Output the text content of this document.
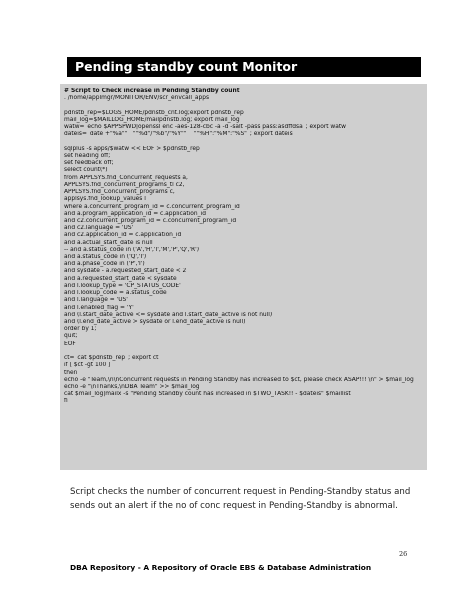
Pending standby count Monitor
# Script to Check increase in Pending Standby count
. /home/applmgr/MONITOR/ENV/scr_envcall_apps
pdnstb_rep=$LOGS_HOME/pdnstb_cnt.log;export pdnstb_rep
mail_log=$MAILLOG_HOME/mailpdnstb.log; export mail_log
watw=`echo $APPSPWD|openssl enc -aes-128-cbc -a -d -salt -pass pass:asdffdsa`; export watw
dateis=`date +"%a""   ""%d"/"%b"/"%Y""    ""%H":"%M":"%S"`; export dateis
sqlplus -s apps/$watw << EOF > $pdnstb_rep
set heading off;
set feedback off;
select count(*)
from APPLSYS.fnd_Concurrent_requests a,
APPLSYS.fnd_concurrent_programs_tl c2,
APPLSYS.fnd_Concurrent_programs c,
applsys.fnd_lookup_values l
where a.concurrent_program_id = c.concurrent_program_id
and a.program_application_id = c.application_id
and c2.concurrent_program_id = c.concurrent_program_id
and c2.language = 'US'
and c2.application_id = c.application_id
and a.actual_start_date is null
-- and a.status_code in ('A','H','I','M','P','Q','R')
and a.status_code in ('Q','I')
and a.phase_code in ('P','I')
and sysdate - a.requested_start_date < 2
and a.requested_start_date < sysdate
and l.lookup_type = 'CP_STATUS_CODE'
and l.lookup_code = a.status_code
and l.language = 'US'
and l.enabled_flag = 'Y'
and (l.start_date_active <= sysdate and l.start_date_active is not null)
and (l.end_date_active > sysdate or l.end_date_active is null)
order by 1;
quit;
EOF
ct=`cat $pdnstb_rep`; export ct
if [ $ct -gt 100 ]
then
echo -e "Team,\n\nConcurrent requests in Pending Standby has increased to $ct, please check ASAP!!! \n" > $mail_log
echo -e "\nThanks,\nDBA Team" >> $mail_log
cat $mail_log|mailx -s "Pending Standby count has increased in $TWO_TASK!! - $dateis" $maillist
fi
Script checks the number of concurrent request in Pending-Standby status and sends out an alert if the no of conc request in Pending-Standby is abnormal.
26
DBA Repository - A Repository of Oracle EBS & Database Administration
